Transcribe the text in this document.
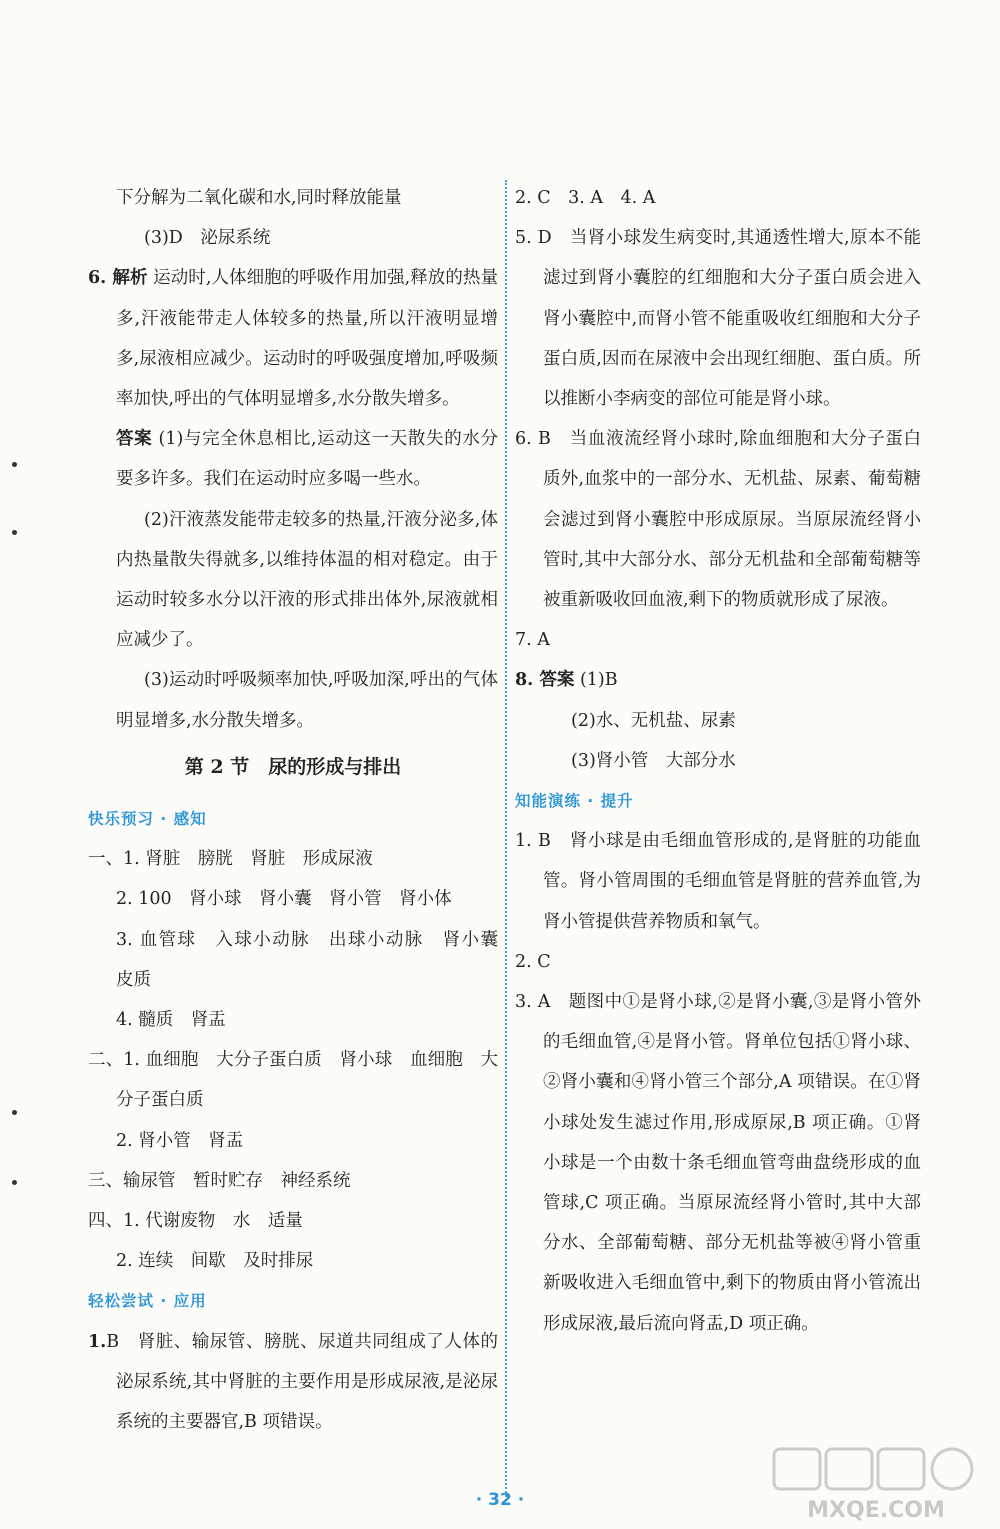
下分解为二氧化碳和水,同时释放能量
(3)D　泌尿系统
6. 解析 运动时,人体细胞的呼吸作用加强,释放的热量多,汗液能带走人体较多的热量,所以汗液明显增多,尿液相应减少。运动时的呼吸强度增加,呼吸频率加快,呼出的气体明显增多,水分散失增多。
答案 (1)与完全休息相比,运动这一天散失的水分要多许多。我们在运动时应多喝一些水。
(2)汗液蒸发能带走较多的热量,汗液分泌多,体内热量散失得就多,以维持体温的相对稳定。由于运动时较多水分以汗液的形式排出体外,尿液就相应减少了。
(3)运动时呼吸频率加快,呼吸加深,呼出的气体明显增多,水分散失增多。
第 2 节　尿的形成与排出
快乐预习 · 感知
一、1. 肾脏　膀胱　肾脏　形成尿液
2. 100　肾小球　肾小囊　肾小管　肾小体
3. 血管球　入球小动脉　出球小动脉　肾小囊　皮质
4. 髓质　肾盂
二、1. 血细胞　大分子蛋白质　肾小球　血细胞　大分子蛋白质
2. 肾小管　肾盂
三、输尿管　暂时贮存　神经系统
四、1. 代谢废物　水　适量
2. 连续　间歇　及时排尿
轻松尝试 · 应用
1.B　肾脏、输尿管、膀胱、尿道共同组成了人体的泌尿系统,其中肾脏的主要作用是形成尿液,是泌尿系统的主要器官,B 项错误。
2. C　3. A　4. A
5. D　当肾小球发生病变时,其通透性增大,原本不能滤过到肾小囊腔的红细胞和大分子蛋白质会进入肾小囊腔中,而肾小管不能重吸收红细胞和大分子蛋白质,因而在尿液中会出现红细胞、蛋白质。所以推断小李病变的部位可能是肾小球。
6. B　当血液流经肾小球时,除血细胞和大分子蛋白质外,血浆中的一部分水、无机盐、尿素、葡萄糖会滤过到肾小囊腔中形成原尿。当原尿流经肾小管时,其中大部分水、部分无机盐和全部葡萄糖等被重新吸收回血液,剩下的物质就形成了尿液。
7. A
8. 答案 (1)B
(2)水、无机盐、尿素
(3)肾小管　大部分水
知能演练 · 提升
1. B　肾小球是由毛细血管形成的,是肾脏的功能血管。肾小管周围的毛细血管是肾脏的营养血管,为肾小管提供营养物质和氧气。
2. C
3. A　题图中①是肾小球,②是肾小囊,③是肾小管外的毛细血管,④是肾小管。肾单位包括①肾小球、②肾小囊和④肾小管三个部分,A 项错误。在①肾小球处发生滤过作用,形成原尿,B 项正确。①肾小球是一个由数十条毛细血管弯曲盘绕形成的血管球,C 项正确。当原尿流经肾小管时,其中大部分水、全部葡萄糖、部分无机盐等被④肾小管重新吸收进入毛细血管中,剩下的物质由肾小管流出形成尿液,最后流向肾盂,D 项正确。
· 32 ·	MXQE.COM
